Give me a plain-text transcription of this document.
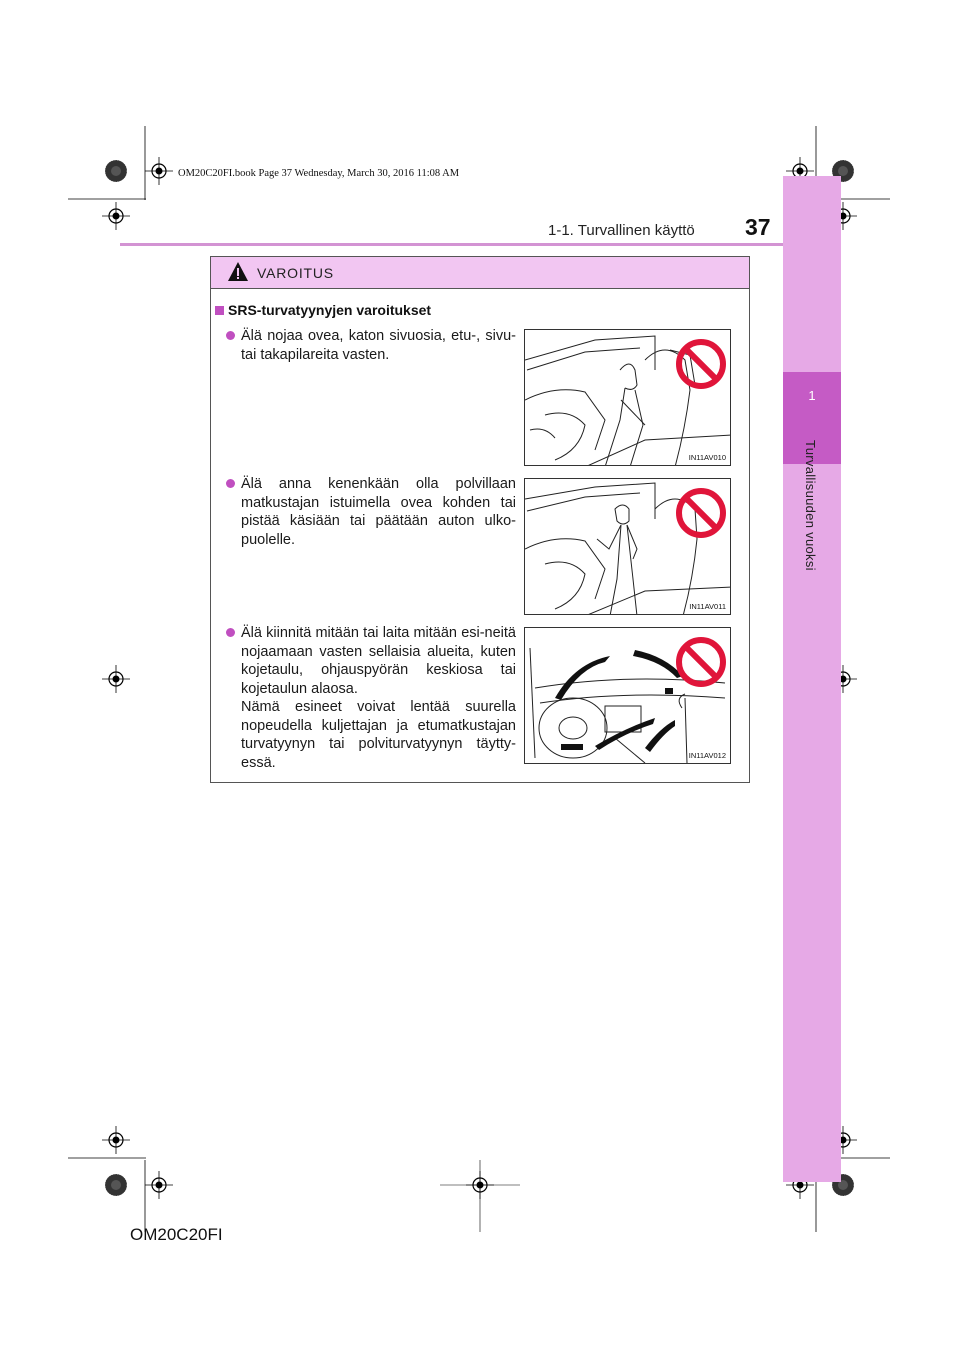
1
Turvallisuuden vuoksi
OM20C20FI.book Page 37 Wednesday, March 30, 2016 11:08 AM
1-1. Turvallinen käyttö 37
VAROITUS
SRS-turvatyynyjen varoitukset
Älä nojaa ovea, katon sivuosia, etu-, sivu- tai takapilareita vasten.
IN11AV010
Älä anna kenenkään olla polvillaan matkustajan istuimella ovea kohden tai pistää käsiään tai päätään auton ulko-puolelle.
IN11AV011
Älä kiinnitä mitään tai laita mitään esi-neitä nojaamaan vasten sellaisia alueita, kuten kojetaulu, ohjauspyörän keskiosa tai kojetaulun alaosa.
Nämä esineet voivat lentää suurella nopeudella kuljettajan ja etumatkustajan turvatyynyn tai polviturvatyynyn täytty-essä.	IN11AV012
OM20C20FI
